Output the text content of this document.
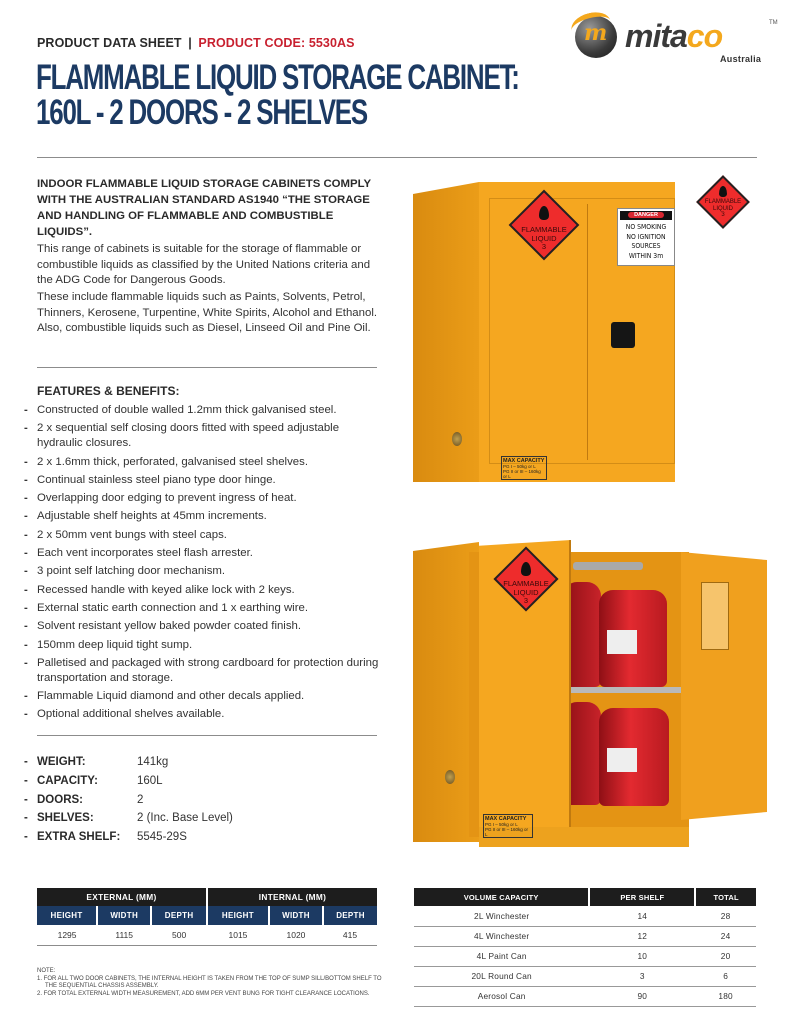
PRODUCT DATA SHEET | PRODUCT CODE: 5530AS
FLAMMABLE LIQUID STORAGE CABINET:
160L - 2 DOORS - 2 SHELVES
m mitaco	TM
Australia
INDOOR FLAMMABLE LIQUID STORAGE CABINETS COMPLY WITH THE AUSTRALIAN STANDARD AS1940 “THE STORAGE AND HANDLING OF FLAMMABLE AND COMBUSTIBLE LIQUIDS”.

This range of cabinets is suitable for the storage of flammable or combustible liquids as classified by the United Nations criteria and the ADG Code for Dangerous Goods.

These include flammable liquids such as Paints, Solvents, Petrol, Thinners, Kerosene, Turpentine, White Spirits, Alcohol and Ethanol. Also, combustible liquids such as Diesel, Linseed Oil and Pine Oil.

FEATURES & BENEFITS:
- Constructed of double walled 1.2mm thick galvanised steel.
- 2 x sequential self closing doors fitted with speed adjustable hydraulic closures.
- 2 x 1.6mm thick, perforated, galvanised steel shelves.
- Continual stainless steel piano type door hinge.
- Overlapping door edging to prevent ingress of heat.
- Adjustable shelf heights at 45mm increments.
- 2 x 50mm vent bungs with steel caps.
- Each vent incorporates steel flash arrester.
- 3 point self latching door mechanism.
- Recessed handle with keyed alike lock with 2 keys.
- External static earth connection and 1 x earthing wire.
- Solvent resistant yellow baked powder coated finish.
- 150mm deep liquid tight sump.
- Palletised and packaged with strong cardboard for protection during transportation and storage.
- Flammable Liquid diamond and other decals applied.
- Optional additional shelves available.
- WEIGHT:	141kg
- CAPACITY:	160L
- DOORS:	2
- SHELVES:	2 (Inc. Base Level)
- EXTRA SHELF:	5545-29S
EXTERNAL (MM)			INTERNAL (MM)		
HEIGHT	WIDTH	DEPTH	HEIGHT	WIDTH	DEPTH
1295	1115	500	1015	1020	415
NOTE:
1. FOR ALL TWO DOOR CABINETS, THE INTERNAL HEIGHT IS TAKEN FROM THE TOP OF SUMP SILL/BOTTOM SHELF TO THE SEQUENTIAL CHASSIS ASSEMBLY.
2. FOR TOTAL EXTERNAL WIDTH MEASUREMENT, ADD 6MM PER VENT BUNG FOR TIGHT CLEARANCE LOCATIONS.
VOLUME CAPACITY	PER SHELF	TOTAL
2L Winchester	14	28
4L Winchester	12	24
4L Paint Can	10	20
20L Round Can	3	6
Aerosol Can	90	180
FLAMMABLE
LIQUID
3
DANGER
NO SMOKING
NO IGNITION SOURCES
WITHIN 3m
MAX CAPACITY
PG I – 50kg or L
PG II or III – 160kg or L
FLAMMABLE
LIQUID
3
FLAMMABLE
LIQUID
3
MAX CAPACITY
PG I – 50kg or L
PG II or III – 160kg or L
